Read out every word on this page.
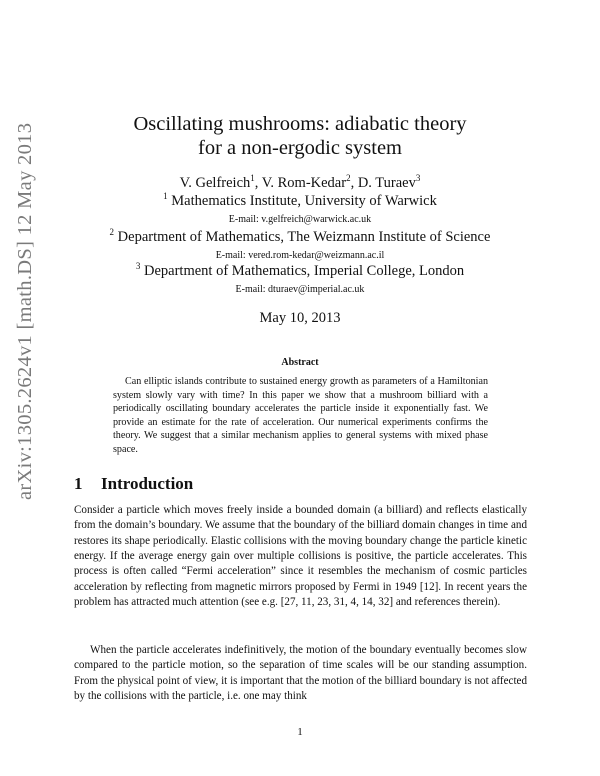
arXiv:1305.2624v1 [math.DS] 12 May 2013	Oscillating mushrooms: adiabatic theory
for a non-ergodic system
V. Gelfreich$^1$, V. Rom-Kedar$^2$, D. Turaev$^3$
$^1$ Mathematics Institute, University of Warwick
E-mail: v.gelfreich@warwick.ac.uk
$^2$ Department of Mathematics, The Weizmann Institute of Science
E-mail: vered.rom-kedar@weizmann.ac.il
$^3$ Department of Mathematics, Imperial College, London
E-mail: dturaev@imperial.ac.uk
May 10, 2013
Abstract

Can elliptic islands contribute to sustained energy growth as parameters of a Hamiltonian system slowly vary with time? In this paper we show that a mushroom billiard with a periodically oscillating boundary accelerates the particle inside it exponentially fast. We provide an estimate for the rate of acceleration. Our numerical experiments confirms the theory. We suggest that a similar mechanism applies to general systems with mixed phase space.

1 Introduction

Consider a particle which moves freely inside a bounded domain (a billiard) and reflects elastically from the domain’s boundary. We assume that the boundary of the billiard domain changes in time and restores its shape periodically. Elastic collisions with the moving boundary change the particle kinetic energy. If the average energy gain over multiple collisions is positive, the particle accelerates. This process is often called “Fermi acceleration” since it resembles the mechanism of cosmic particles acceleration by reflecting from magnetic mirrors proposed by Fermi in 1949 [12]. In recent years the problem has attracted much attention (see e.g. [27, 11, 23, 31, 4, 14, 32] and references therein).

When the particle accelerates indefinitively, the motion of the boundary eventually becomes slow compared to the particle motion, so the separation of time scales will be our standing assumption. From the physical point of view, it is important that the motion of the billiard boundary is not affected by the collisions with the particle, i.e. one may think

1
